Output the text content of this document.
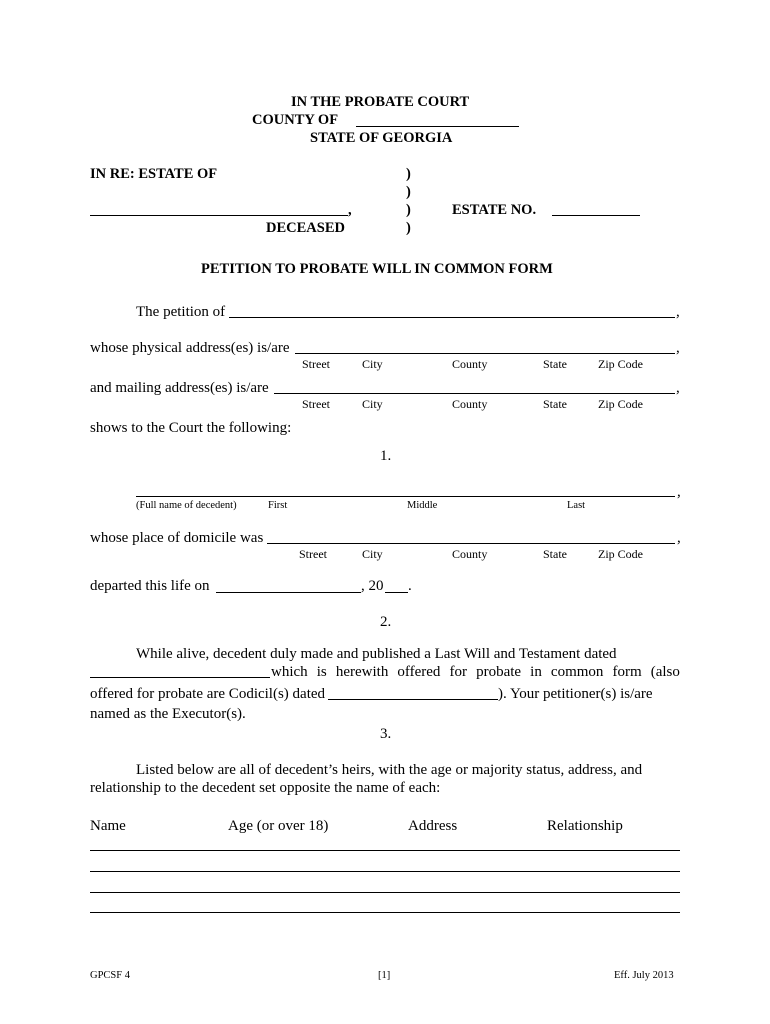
IN THE PROBATE COURT
COUNTY OF
STATE OF GEORGIA
IN RE: ESTATE OF	)
)
)
)
,
DECEASED
ESTATE NO.
PETITION TO PROBATE WILL IN COMMON FORM
The petition of	,
whose physical address(es) is/are	,
Street	City	County	State	Zip Code
and mailing address(es) is/are	,
Street	City	County	State	Zip Code
shows to the Court the following:
1.
,
(Full name of decedent)	First	Middle	Last
whose place of domicile was	,
Street	City	County	State	Zip Code
departed this life on	, 20 .
2.
While alive, decedent duly made and published a Last Will and Testament dated
which is herewith offered for probate in common form (also
offered for probate are Codicil(s) dated	). Your petitioner(s) is/are
named as the Executor(s).
3.
Listed below are all of decedent’s heirs, with the age or majority status, address, and
relationship to the decedent set opposite the name of each:
Name	Age (or over 18)	Address	Relationship
GPCSF 4	[1]	Eff. July 2013
